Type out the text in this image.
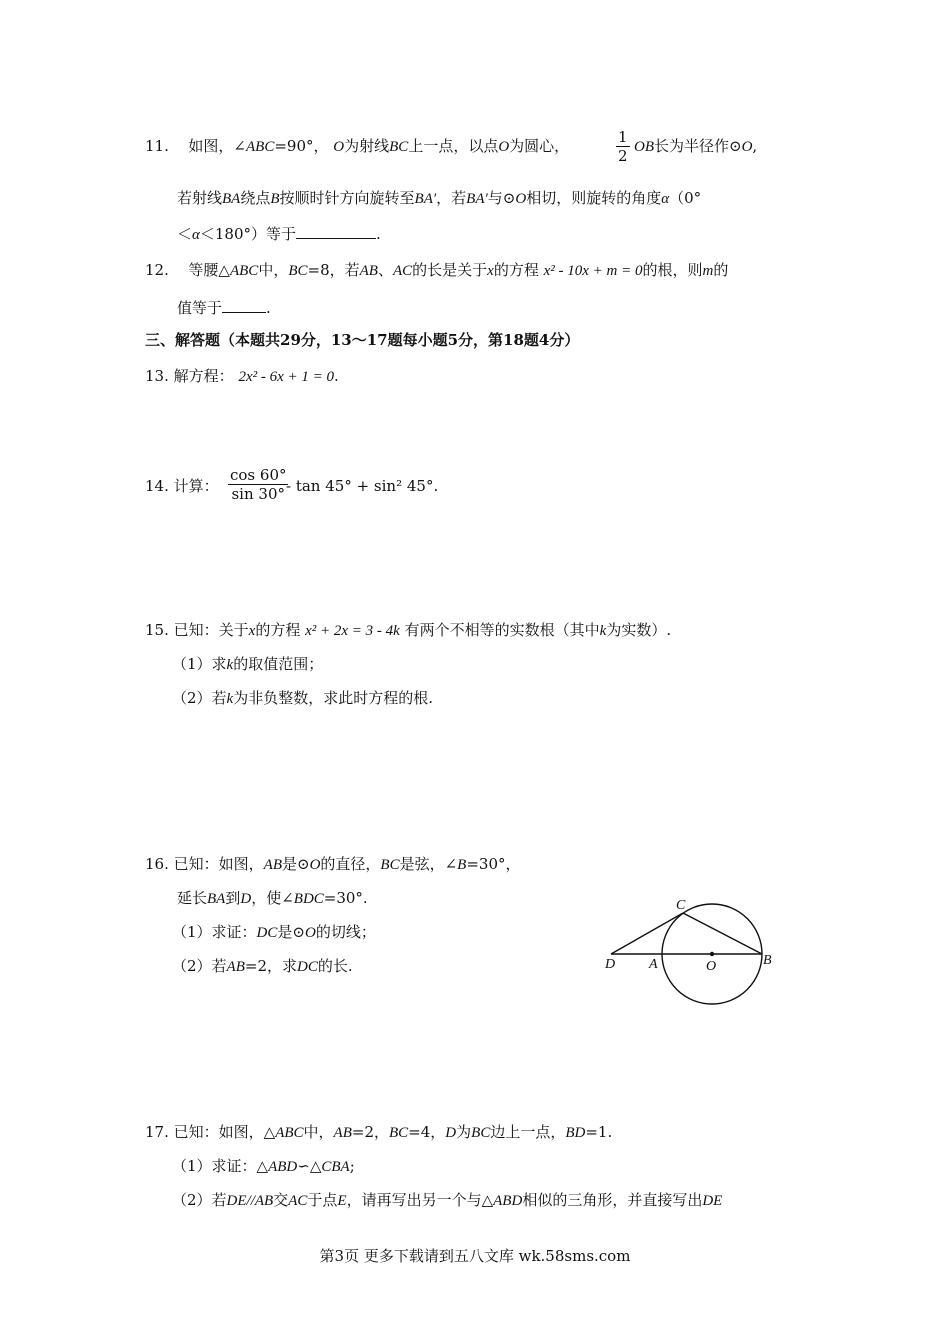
11. 如图，∠ABC=90°， O为射线BC上一点，以点O为圆心，	$\frac{1}{2}$ OB长为半径作⊙O,
若射线BA绕点B按顺时针方向旋转至BA′，若BA′与⊙O相切，则旋转的角度α（0°
＜α＜180°）等于	.
12. 等腰△ABC中，BC=8，若AB、AC的长是关于x的方程 x² - 10x + m = 0的根，则m的
值等于	.
三、解答题（本题共29分，13～17题每小题5分，第18题4分）
13. 解方程： 2x² - 6x + 1 = 0.
14. 计算： $\frac{\cos 60^\circ}{\sin 30^\circ}$
- tan 45° + sin² 45°.
15. 已知：关于x的方程 x² + 2x = 3 - 4k 有两个不相等的实数根（其中k为实数）.
（1）求k的取值范围；
（2）若k为非负整数，求此时方程的根.
16. 已知：如图，AB是⊙O的直径，BC是弦，∠B=30°，
延长BA到D，使∠BDC=30°.
（1）求证：DC是⊙O的切线；
（2）若AB=2，求DC的长.
C
D A	O	B
17. 已知：如图，△ABC中，AB=2，BC=4，D为BC边上一点，BD=1.
（1）求证：△ABD∽△CBA;
（2）若DE//AB交AC于点E，请再写出另一个与△ABD相似的三角形，并直接写出DE
第3页 更多下载请到五八文库 wk.58sms.com
